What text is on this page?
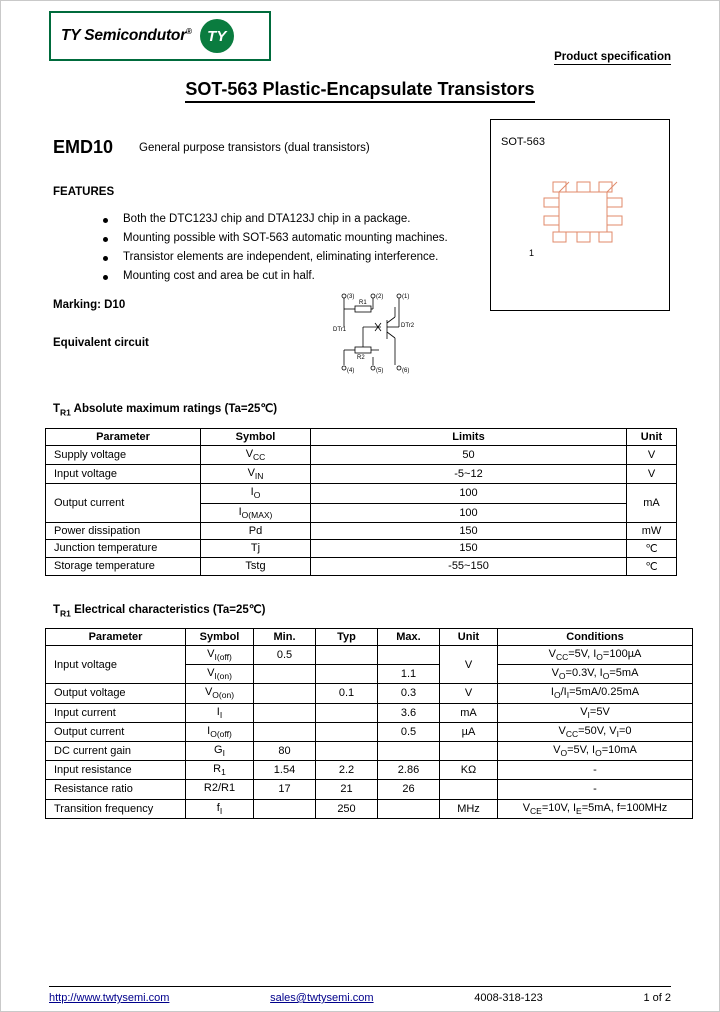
TY Semicondutor®	TY
Product specification
SOT-563 Plastic-Encapsulate Transistors
EMD10 General purpose transistors (dual transistors)
FEATURES
Both the DTC123J chip and DTA123J chip in a package.
Mounting possible with SOT-563 automatic mounting machines.
Transistor elements are independent, eliminating interference.
Mounting cost and area be cut in half.
Marking: D10
Equivalent circuit
SOT-563
1
(3)	(2)	(1)
R1
R2
DTr1
DTr2
(4)	(5)	(6)
$T_{R1}$ Absolute maximum ratings (Ta=25℃)
Parameter	Symbol	Limits	Unit
Supply voltage	$V_{CC}$	50	V
Input voltage	$V_{IN}$	-5~12	V
Output current	$I_O$	100	mA
	$I_{O(MAX)}$	100	
Power dissipation	Pd	150	mW
Junction temperature	Tj	150	℃
Storage temperature	Tstg	-55~150	℃
$T_{R1}$ Electrical characteristics (Ta=25℃)
Parameter	Symbol	Min.	Typ	Max.	Unit	Conditions
Input voltage	$V_{I(off)}$	0.5			V	$V_{CC}=5V$, $I_O=100\mu A$
	$V_{I(on)}$			1.1		$V_O=0.3V$, $I_O=5mA$
Output voltage	$V_{O(on)}$		0.1	0.3	V	$I_O/I_I=5mA/0.25mA$
Input current	$I_I$			3.6	mA	$V_I=5V$
Output current	$I_{O(off)}$			0.5	µA	$V_{CC}=50V$, $V_I=0$
DC current gain	$G_I$	80				$V_O=5V$, $I_O=10mA$
Input resistance	$R_1$	1.54	2.2	2.86	KΩ	-
Resistance ratio	R2/R1	17	21	26		-
Transition frequency	$f_I$		250		MHz	$V_{CE}=10V$, $I_E=5mA$, f=100MHz
http://www.twtysemi.com	sales@twtysemi.com	4008-318-123	1 of 2
